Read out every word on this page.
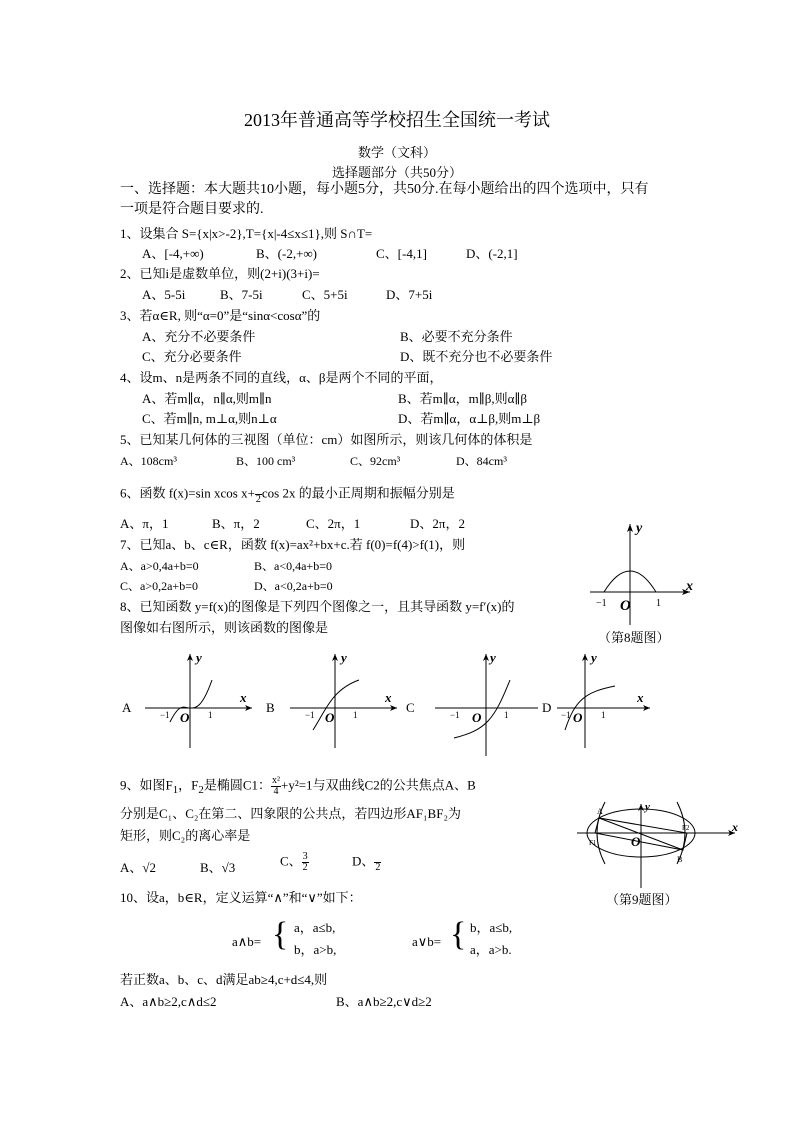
2013年普通高等学校招生全国统一考试
数学（文科）
选择题部分（共50分）
一、选择题：本大题共10小题，每小题5分，共50分.在每小题给出的四个选项中，只有
一项是符合题目要求的.
1、设集合 S={x|x>-2},T={x|-4≤x≤1},则 S∩T=
A、[-4,+∞)	B、(-2,+∞)	C、[-4,1]	D、(-2,1]
2、已知i是虚数单位，则(2+i)(3+i)=
A、5-5i	B、7-5i	C、5+5i	D、7+5i
3、若α∈R, 则“α=0”是“sinα<cosα”的
A、充分不必要条件	B、必要不充分条件
C、充分必要条件	D、既不充分也不必要条件
4、设m、n是两条不同的直线，α、β是两个不同的平面，
A、若m∥α，n∥α,则m∥n	B、若m∥α，m∥β,则α∥β
C、若m∥n, m⊥α,则n⊥α	D、若m∥α，α⊥β,则m⊥β
5、已知某几何体的三视图（单位：cm）如图所示，则该几何体的体积是
A、108cm³	B、100 cm³	C、92cm³	D、84cm³
6、函数 f(x)=sin xcos x+
2 cos 2x 的最小正周期和振幅分别是
A、π，1	B、π，2	C、2π，1	D、2π，2
7、已知a、b、c∈R，函数 f(x)=ax²+bx+c.若 f(0)=f(4)>f(1)，则
A、a>0,4a+b=0	B、a<0,4a+b=0
C、a>0,2a+b=0	D、a<0,2a+b=0
8、已知函数 y=f(x)的图像是下列四个图像之一，且其导函数 y=f′(x)的
图像如右图所示，则该函数的图像是
y
x
O
−1	1
（第8题图）
A
y
x
O
−1	1	B
y
x
O
−1	1	C
y
O
−1	1	D
y
x
O
−1	1
9、如图$F_1$，$F_2$是椭圆C1： $\frac{\text{x²}}{4} +y^2=1$与双曲线C2的公共焦点A、B
分别是C₁、C₂在第二、四象限的公共点，若四边形AF₁BF₂为
矩形，则C₂的离心率是
A、√2	B、√3	C、 $\frac{3}{2}$	D、
2
A
B
F1
F2
y
x
O
（第9题图）
10、设a，b∈R，定义运算“∧”和“∨”如下：
a∧b= { a，a≤b,
b，a>b,
a∨b= { b，a≤b,
a，a>b.
若正数a、b、c、d满足ab≥4,c+d≤4,则
A、a∧b≥2,c∧d≤2	B、a∧b≥2,c∨d≥2
